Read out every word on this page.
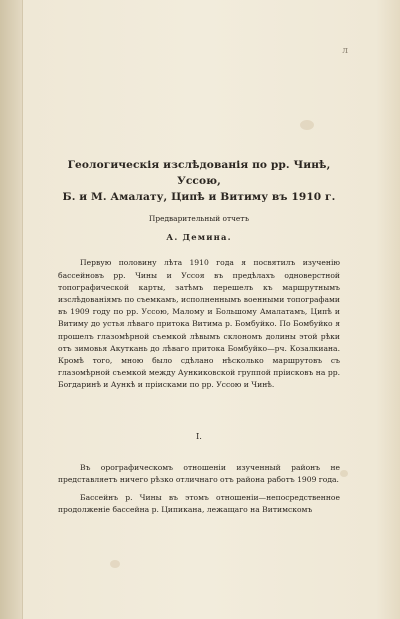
л
Геологическія изслѣдованія по рр. Чинѣ, Уссою,
Б. и М. Амалату, Ципѣ и Витиму въ 1910 г.
Предварительный отчетъ
А. Демина.

Первую половину лѣта 1910 года я посвятилъ изученію бассейновъ рр. Чины и Уссоя въ предѣлахъ одноверстной топографической карты, затѣмъ перешелъ къ маршрутнымъ изслѣдованіямъ по съемкамъ, исполненнымъ военными топографами въ 1909 году по рр. Уссою, Малому и Большому Амалатамъ, Ципѣ и Витиму до устья лѣваго притока Витима р. Бомбуйко. По Бомбуйко я прошелъ глазомѣрной съемкой лѣвымъ склономъ долины этой рѣки отъ зимовья Акуткань до лѣваго притока Бомбуйко—рч. Козалкиана. Кромѣ того, мною было сдѣлано нѣсколько маршрутовъ съ глазомѣрной съемкой между Аункиковской группой пріисковъ на рр. Богдаринѣ и Аункѣ и пріисками по рр. Уссою и Чинѣ.

I.

Въ орографическомъ отношеніи изученный районъ не представляетъ ничего рѣзко отличнаго отъ района работъ 1909 года.

Бассейнъ р. Чины въ этомъ отношеніи—непосредственное продолженіе бассейна р. Ципикана, лежащаго на Витимскомъ
